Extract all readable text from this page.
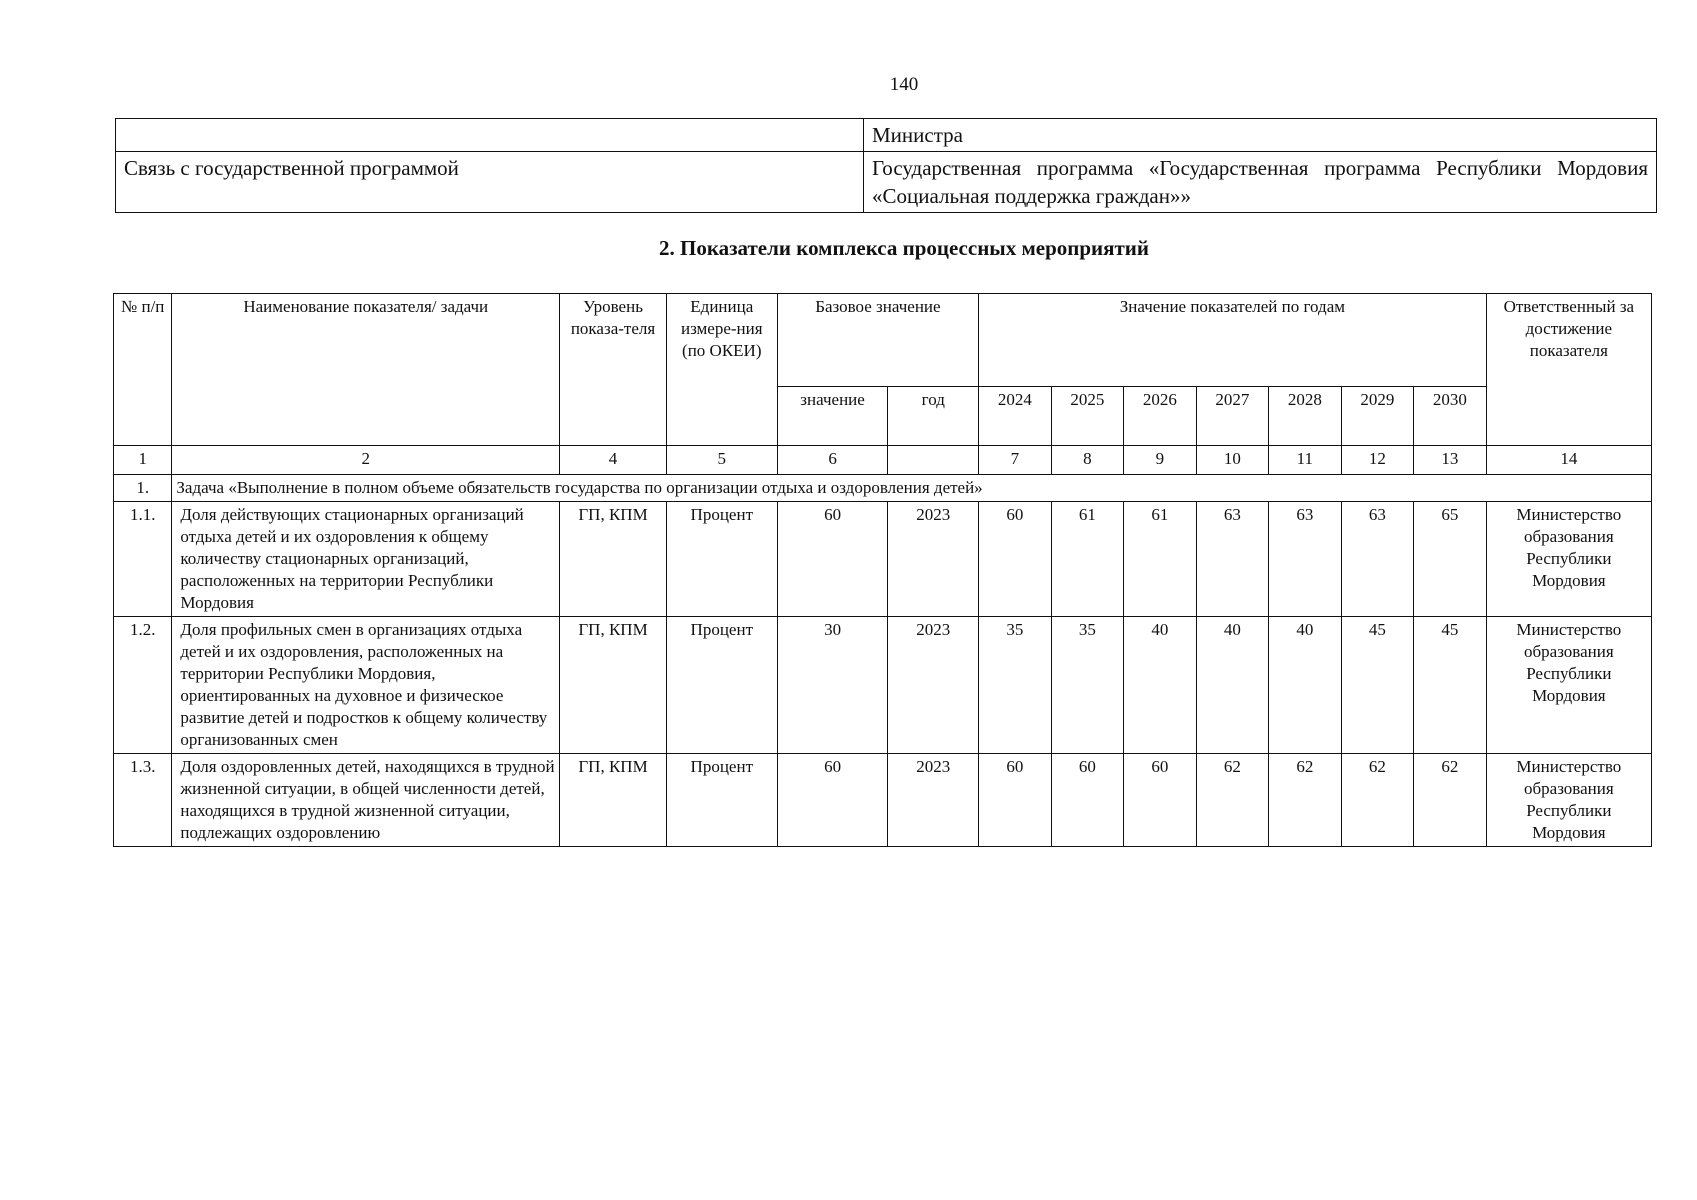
140
	Министра
Связь с государственной программой	Государственная программа «Государственная программа Республики Мордовия «Социальная поддержка граждан»»
2. Показатели комплекса процессных мероприятий
№ п/п	Наименование показателя/ задачи	Уровень показа-теля	Единица измере-ния (по ОКЕИ)	Базовое значение		Значение показателей по годам							Ответственный за достижение показателя
				значение	год	2024	2025	2026	2027	2028	2029	2030	
1	2	4	5	6		7	8	9	10	11	12	13	14
1.	Задача «Выполнение в полном объеме обязательств государства по организации отдыха и оздоровления детей»												
1.1.	Доля действующих стационарных организаций отдыха детей и их оздоровления к общему количеству стационарных организаций, расположенных на территории Республики Мордовия	ГП, КПМ	Процент	60	2023	60	61	61	63	63	63	65	Министерство образования Республики Мордовия
1.2.	Доля профильных смен в организациях отдыха детей и их оздоровления, расположенных на территории Республики Мордовия, ориентированных на духовное и физическое развитие детей и подростков к общему количеству организованных смен	ГП, КПМ	Процент	30	2023	35	35	40	40	40	45	45	Министерство образования Республики Мордовия
1.3.	Доля оздоровленных детей, находящихся в трудной жизненной ситуации, в общей численности детей, находящихся в трудной жизненной ситуации, подлежащих оздоровлению	ГП, КПМ	Процент	60	2023	60	60	60	62	62	62	62	Министерство образования Республики Мордовия
